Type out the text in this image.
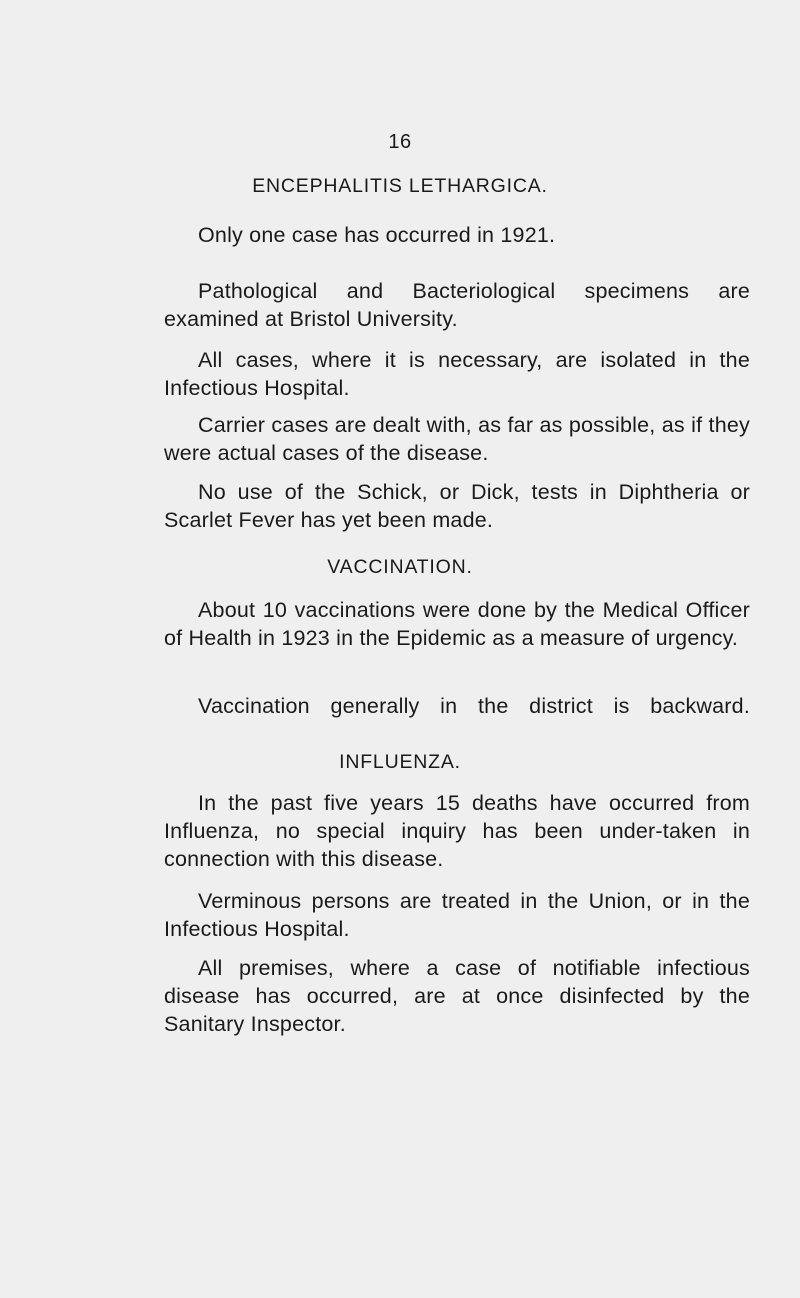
16
ENCEPHALITIS LETHARGICA.

Only one case has occurred in 1921.

Pathological and Bacteriological specimens are examined at Bristol University.

All cases, where it is necessary, are isolated in the Infectious Hospital.

Carrier cases are dealt with, as far as possible, as if they were actual cases of the disease.

No use of the Schick, or Dick, tests in Diphtheria or Scarlet Fever has yet been made.

VACCINATION.

About 10 vaccinations were done by the Medical Officer of Health in 1923 in the Epidemic as a measure of urgency.

Vaccination generally in the district is backward.

INFLUENZA.

In the past five years 15 deaths have occurred from Influenza, no special inquiry has been under-taken in connection with this disease.

Verminous persons are treated in the Union, or in the Infectious Hospital.

All premises, where a case of notifiable infectious disease has occurred, are at once disinfected by the Sanitary Inspector.
